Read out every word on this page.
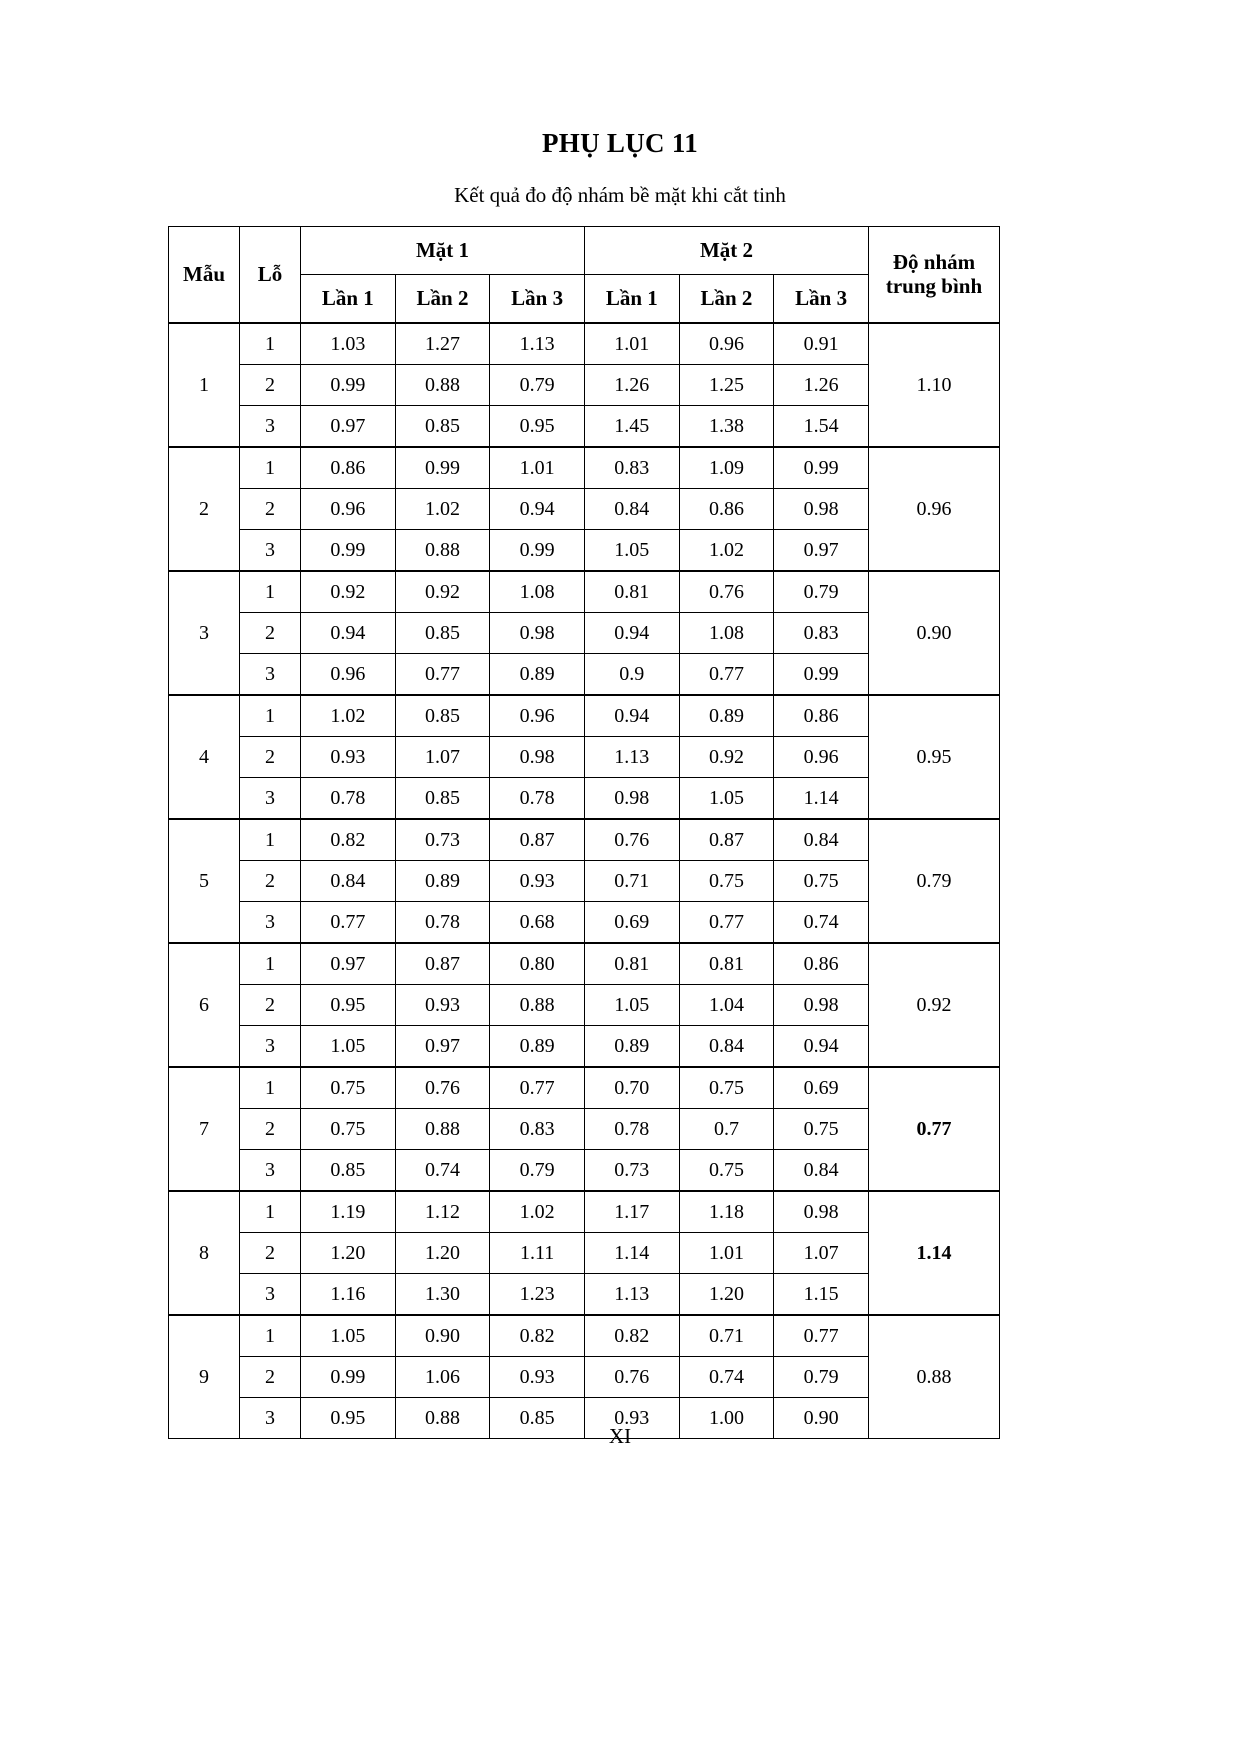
PHỤ LỤC 11
Kết quả đo độ nhám bề mặt khi cắt tinh
Mẫu	Lỗ	Mặt 1			Mặt 2			Độ nhám
trung bình

		Lần 1	Lần 2	Lần 3	Lần 1	Lần 2	Lần 3	
1	1	1.03	1.27	1.13	1.01	0.96	0.91	1.10
	2	0.99	0.88	0.79	1.26	1.25	1.26	
	3	0.97	0.85	0.95	1.45	1.38	1.54	
2	1	0.86	0.99	1.01	0.83	1.09	0.99	0.96
	2	0.96	1.02	0.94	0.84	0.86	0.98	
	3	0.99	0.88	0.99	1.05	1.02	0.97	
3	1	0.92	0.92	1.08	0.81	0.76	0.79	0.90
	2	0.94	0.85	0.98	0.94	1.08	0.83	
	3	0.96	0.77	0.89	0.9	0.77	0.99	
4	1	1.02	0.85	0.96	0.94	0.89	0.86	0.95
	2	0.93	1.07	0.98	1.13	0.92	0.96	
	3	0.78	0.85	0.78	0.98	1.05	1.14	
5	1	0.82	0.73	0.87	0.76	0.87	0.84	0.79
	2	0.84	0.89	0.93	0.71	0.75	0.75	
	3	0.77	0.78	0.68	0.69	0.77	0.74	
6	1	0.97	0.87	0.80	0.81	0.81	0.86	0.92
	2	0.95	0.93	0.88	1.05	1.04	0.98	
	3	1.05	0.97	0.89	0.89	0.84	0.94	
7	1	0.75	0.76	0.77	0.70	0.75	0.69	0.77
	2	0.75	0.88	0.83	0.78	0.7	0.75	
	3	0.85	0.74	0.79	0.73	0.75	0.84	
8	1	1.19	1.12	1.02	1.17	1.18	0.98	1.14
	2	1.20	1.20	1.11	1.14	1.01	1.07	
	3	1.16	1.30	1.23	1.13	1.20	1.15	
9	1	1.05	0.90	0.82	0.82	0.71	0.77	0.88
	2	0.99	1.06	0.93	0.76	0.74	0.79	
	3	0.95	0.88	0.85	0.93	1.00	0.90	
XI
